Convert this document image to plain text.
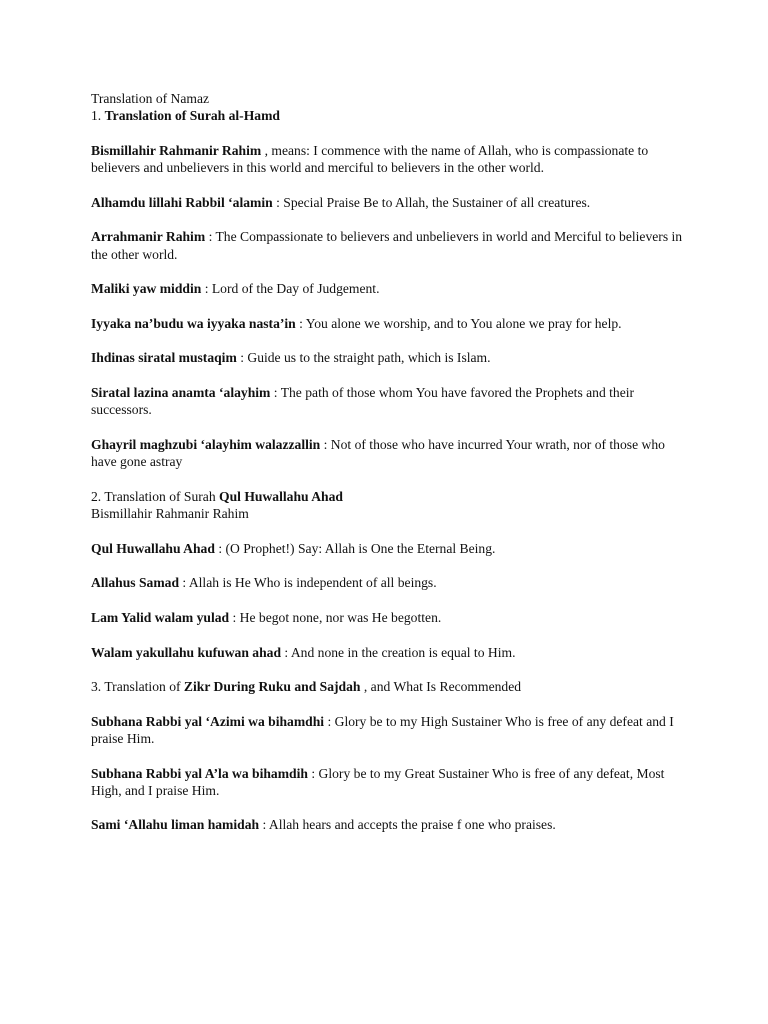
Translation of Namaz
1. Translation of Surah al-Hamd

Bismillahir Rahmanir Rahim , means: I commence with the name of Allah, who is compassionate to believers and unbelievers in this world and merciful to believers in the other world.

Alhamdu lillahi Rabbil ‘alamin : Special Praise Be to Allah, the Sustainer of all creatures.

Arrahmanir Rahim : The Compassionate to believers and unbelievers in world and Merciful to believers in the other world.

Maliki yaw middin : Lord of the Day of Judgement.

Iyyaka na’budu wa iyyaka nasta’in : You alone we worship, and to You alone we pray for help.

Ihdinas siratal mustaqim : Guide us to the straight path, which is Islam.

Siratal lazina anamta ‘alayhim : The path of those whom You have favored the Prophets and their successors.

Ghayril maghzubi ‘alayhim walazzallin : Not of those who have incurred Your wrath, nor of those who have gone astray

2. Translation of Surah Qul Huwallahu Ahad

Bismillahir Rahmanir Rahim

Qul Huwallahu Ahad : (O Prophet!) Say: Allah is One the Eternal Being.

Allahus Samad : Allah is He Who is independent of all beings.

Lam Yalid walam yulad : He begot none, nor was He begotten.

Walam yakullahu kufuwan ahad : And none in the creation is equal to Him.

3. Translation of Zikr During Ruku and Sajdah , and What Is Recommended

Subhana Rabbi yal ‘Azimi wa bihamdhi : Glory be to my High Sustainer Who is free of any defeat and I praise Him.

Subhana Rabbi yal A’la wa bihamdih : Glory be to my Great Sustainer Who is free of any defeat, Most High, and I praise Him.

Sami ‘Allahu liman hamidah : Allah hears and accepts the praise f one who praises.
